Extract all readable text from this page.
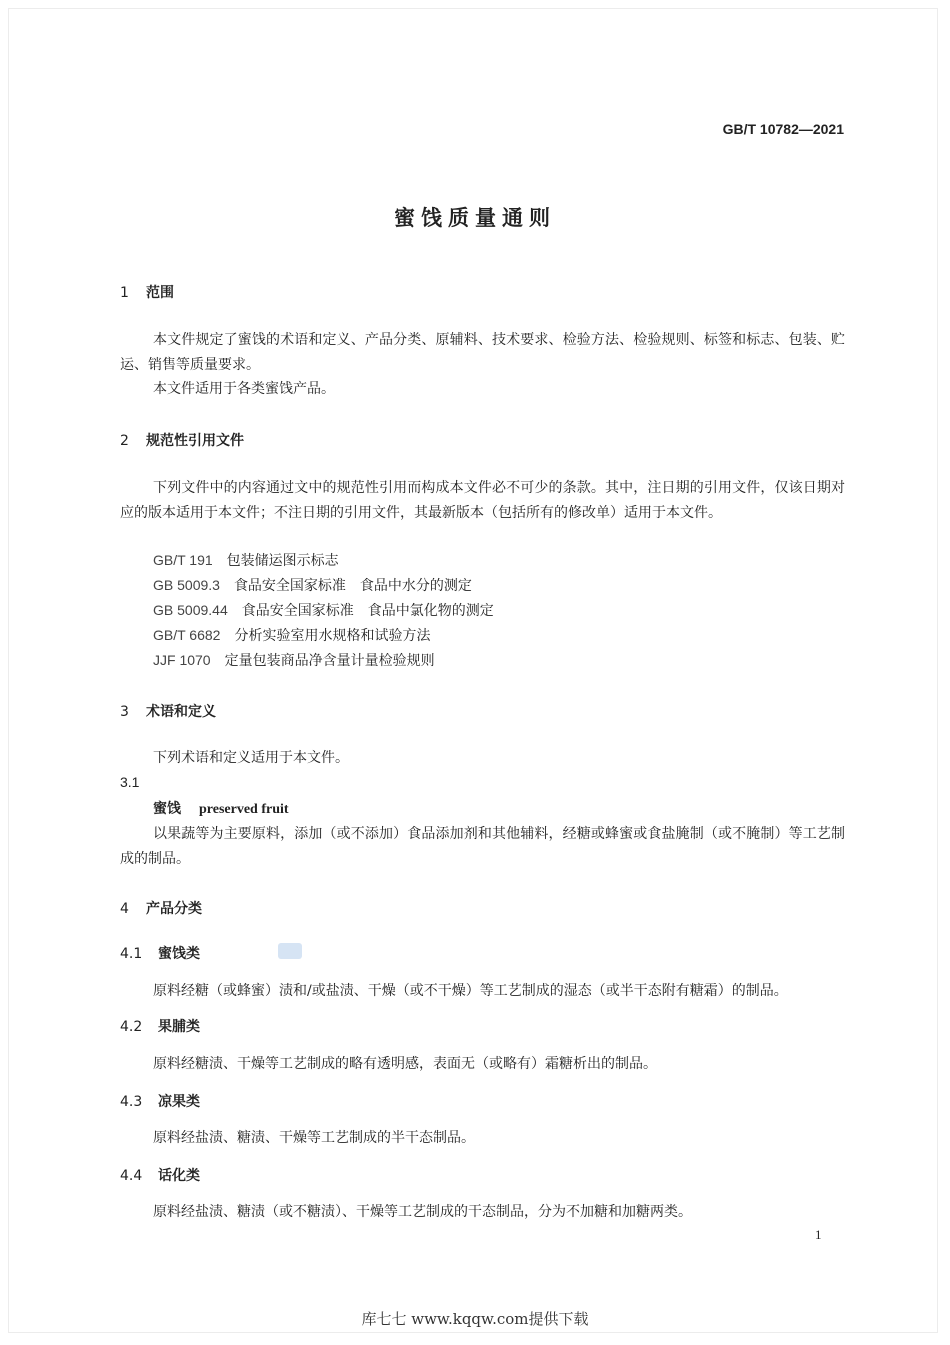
GB/T 10782—2021
蜜饯质量通则
1 范围

本文件规定了蜜饯的术语和定义、产品分类、原辅料、技术要求、检验方法、检验规则、标签和标志、包装、贮运、销售等质量要求。

本文件适用于各类蜜饯产品。

2 规范性引用文件

下列文件中的内容通过文中的规范性引用而构成本文件必不可少的条款。其中，注日期的引用文件，仅该日期对应的版本适用于本文件；不注日期的引用文件，其最新版本（包括所有的修改单）适用于本文件。

GB/T 191　 包装储运图示标志
GB 5009.3　 食品安全国家标准　食品中水分的测定
GB 5009.44　 食品安全国家标准　食品中氯化物的测定
GB/T 6682　 分析实验室用水规格和试验方法
JJF 1070　 定量包装商品净含量计量检验规则
3 术语和定义

下列术语和定义适用于本文件。

3.1
蜜饯 preserved fruit

以果蔬等为主要原料，添加（或不添加）食品添加剂和其他辅料，经糖或蜂蜜或食盐腌制（或不腌制）等工艺制成的制品。

4 产品分类
4.1 蜜饯类

原料经糖（或蜂蜜）渍和/或盐渍、干燥（或不干燥）等工艺制成的湿态（或半干态附有糖霜）的制品。

4.2 果脯类

原料经糖渍、干燥等工艺制成的略有透明感，表面无（或略有）霜糖析出的制品。

4.3 凉果类

原料经盐渍、糖渍、干燥等工艺制成的半干态制品。

4.4 话化类

原料经盐渍、糖渍（或不糖渍）、干燥等工艺制成的干态制品，分为不加糖和加糖两类。

1
库七七 www.kqqw.com提供下载
